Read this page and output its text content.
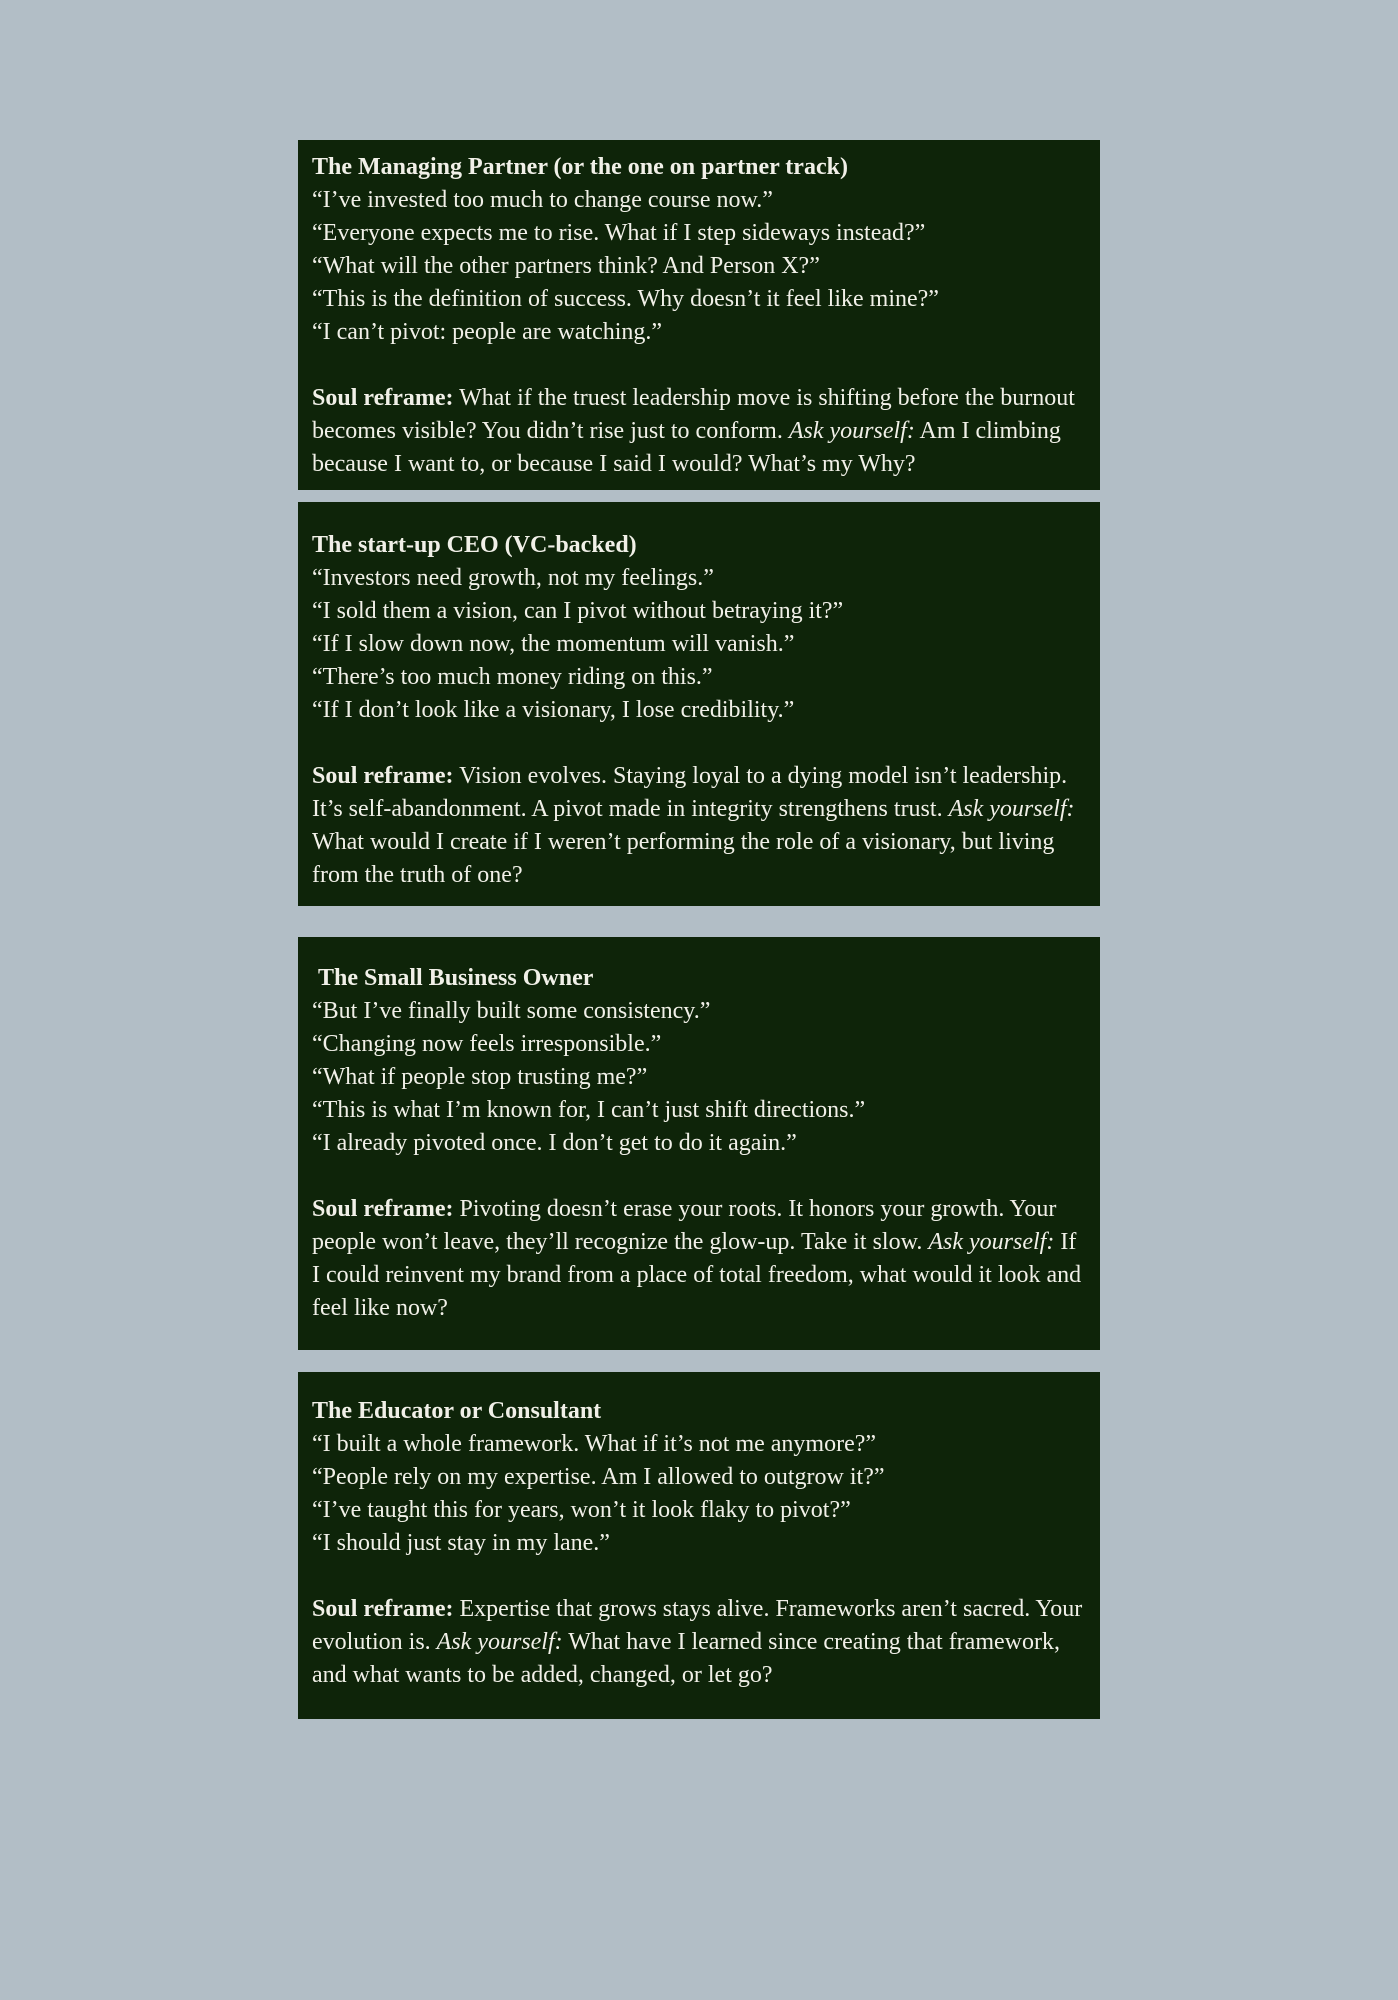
The Managing Partner (or the one on partner track)

“I’ve invested too much to change course now.”

“Everyone expects me to rise. What if I step sideways instead?”

“What will the other partners think? And Person X?”

“This is the definition of success. Why doesn’t it feel like mine?”

“I can’t pivot: people are watching.”

Soul reframe: What if the truest leadership move is shifting before the burnout becomes visible? You didn’t rise just to conform. Ask yourself: Am I climbing because I want to, or because I said I would? What’s my Why?

The start-up CEO (VC-backed)

“Investors need growth, not my feelings.”

“I sold them a vision, can I pivot without betraying it?”

“If I slow down now, the momentum will vanish.”

“There’s too much money riding on this.”

“If I don’t look like a visionary, I lose credibility.”

Soul reframe: Vision evolves. Staying loyal to a dying model isn’t leadership. It’s self-abandonment. A pivot made in integrity strengthens trust. Ask yourself: What would I create if I weren’t performing the role of a visionary, but living from the truth of one?

The Small Business Owner

“But I’ve finally built some consistency.”

“Changing now feels irresponsible.”

“What if people stop trusting me?”

“This is what I’m known for, I can’t just shift directions.”

“I already pivoted once. I don’t get to do it again.”

Soul reframe: Pivoting doesn’t erase your roots. It honors your growth. Your people won’t leave, they’ll recognize the glow-up. Take it slow. Ask yourself: If I could reinvent my brand from a place of total freedom, what would it look and feel like now?

The Educator or Consultant

“I built a whole framework. What if it’s not me anymore?”

“People rely on my expertise. Am I allowed to outgrow it?”

“I’ve taught this for years, won’t it look flaky to pivot?”

“I should just stay in my lane.”

Soul reframe: Expertise that grows stays alive. Frameworks aren’t sacred. Your evolution is. Ask yourself: What have I learned since creating that framework, and what wants to be added, changed, or let go?
